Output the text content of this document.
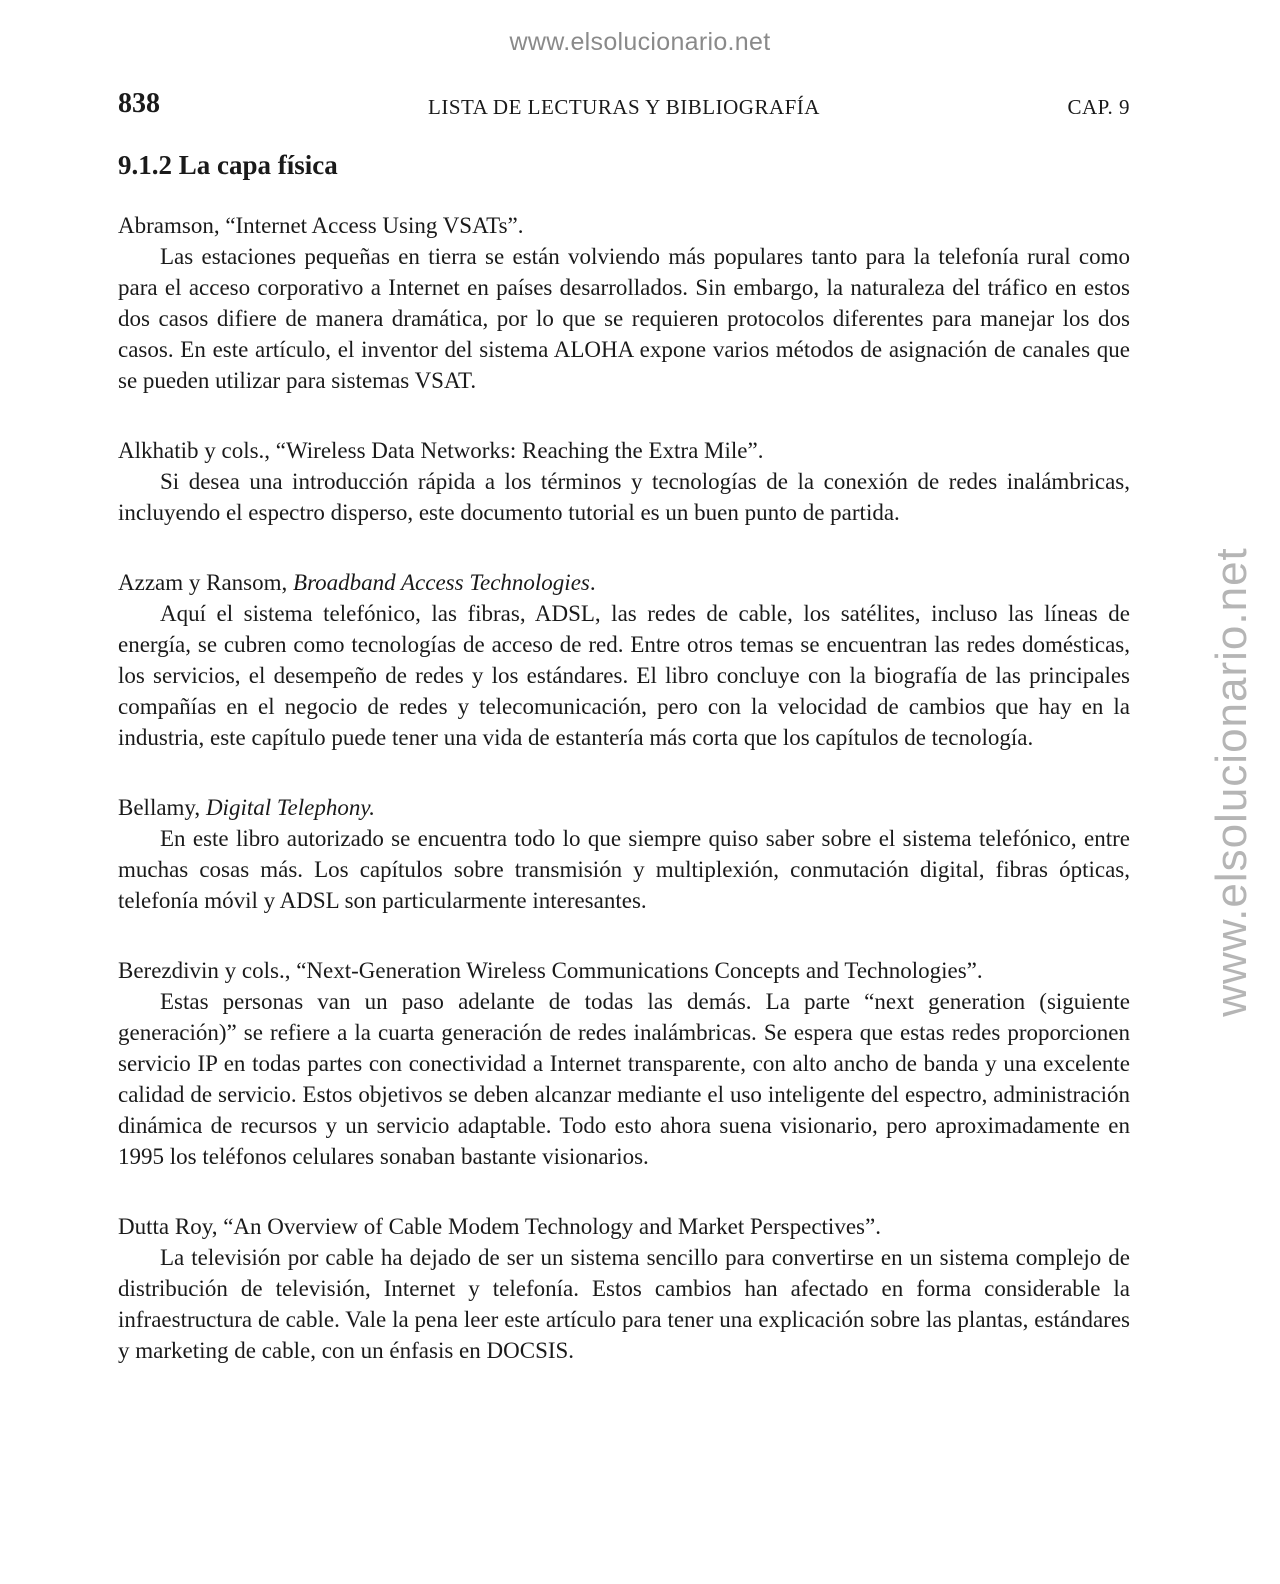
www.elsolucionario.net
www.elsolucionario.net
838	LISTA DE LECTURAS Y BIBLIOGRAFÍA	CAP. 9
9.1.2 La capa física

Abramson, “Internet Access Using VSATs”.

Las estaciones pequeñas en tierra se están volviendo más populares tanto para la telefonía rural como para el acceso corporativo a Internet en países desarrollados. Sin embargo, la naturaleza del tráfico en estos dos casos difiere de manera dramática, por lo que se requieren protocolos diferentes para manejar los dos casos. En este artículo, el inventor del sistema ALOHA expone varios métodos de asignación de canales que se pueden utilizar para sistemas VSAT.

Alkhatib y cols., “Wireless Data Networks: Reaching the Extra Mile”.

Si desea una introducción rápida a los términos y tecnologías de la conexión de redes inalámbricas, incluyendo el espectro disperso, este documento tutorial es un buen punto de partida.

Azzam y Ransom, Broadband Access Technologies.

Aquí el sistema telefónico, las fibras, ADSL, las redes de cable, los satélites, incluso las líneas de energía, se cubren como tecnologías de acceso de red. Entre otros temas se encuentran las redes domésticas, los servicios, el desempeño de redes y los estándares. El libro concluye con la biografía de las principales compañías en el negocio de redes y telecomunicación, pero con la velocidad de cambios que hay en la industria, este capítulo puede tener una vida de estantería más corta que los capítulos de tecnología.

Bellamy, Digital Telephony.

En este libro autorizado se encuentra todo lo que siempre quiso saber sobre el sistema telefónico, entre muchas cosas más. Los capítulos sobre transmisión y multiplexión, conmutación digital, fibras ópticas, telefonía móvil y ADSL son particularmente interesantes.

Berezdivin y cols., “Next-Generation Wireless Communications Concepts and Technologies”.

Estas personas van un paso adelante de todas las demás. La parte “next generation (siguiente generación)” se refiere a la cuarta generación de redes inalámbricas. Se espera que estas redes proporcionen servicio IP en todas partes con conectividad a Internet transparente, con alto ancho de banda y una excelente calidad de servicio. Estos objetivos se deben alcanzar mediante el uso inteligente del espectro, administración dinámica de recursos y un servicio adaptable. Todo esto ahora suena visionario, pero aproximadamente en 1995 los teléfonos celulares sonaban bastante visionarios.

Dutta Roy, “An Overview of Cable Modem Technology and Market Perspectives”.

La televisión por cable ha dejado de ser un sistema sencillo para convertirse en un sistema complejo de distribución de televisión, Internet y telefonía. Estos cambios han afectado en forma considerable la infraestructura de cable. Vale la pena leer este artículo para tener una explicación sobre las plantas, estándares y marketing de cable, con un énfasis en DOCSIS.
